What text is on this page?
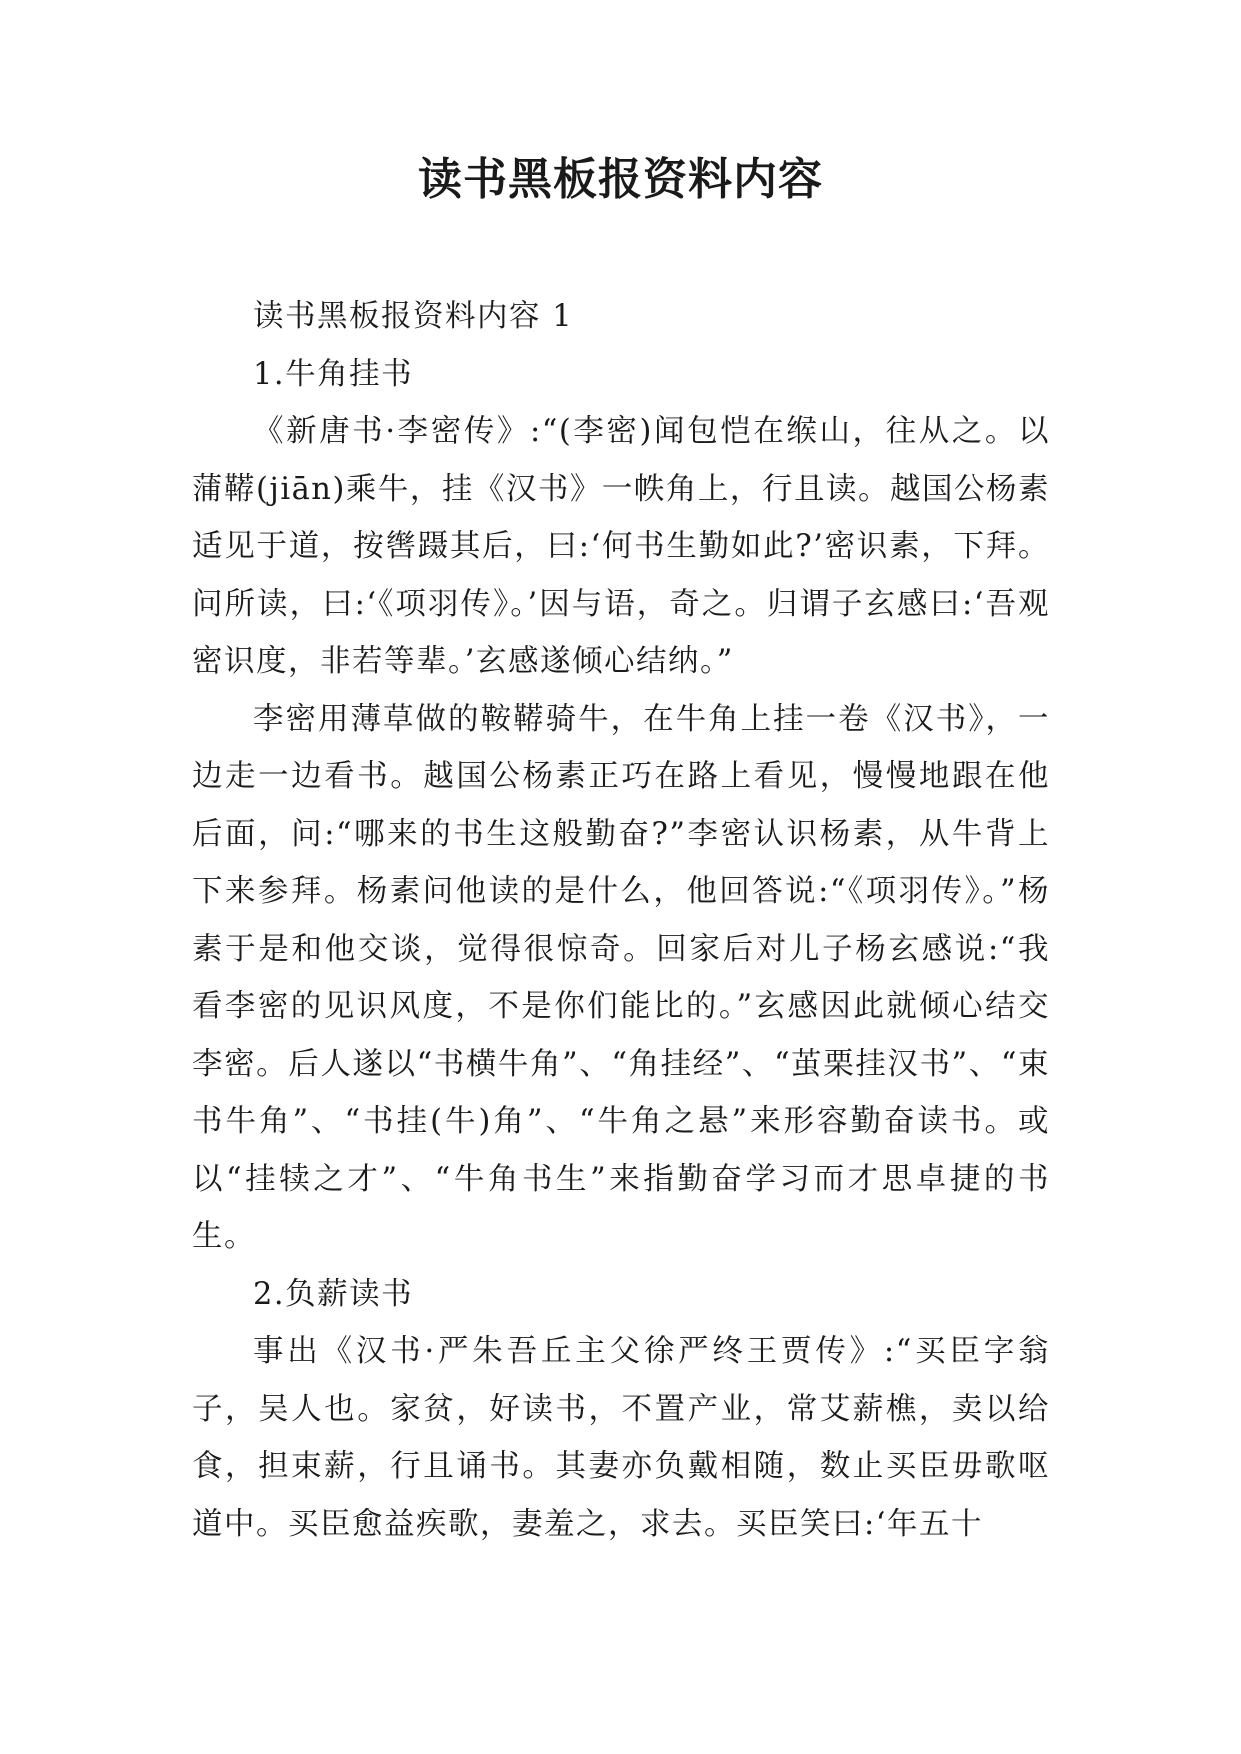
读书黑板报资料内容

读书黑板报资料内容 1

1.牛角挂书

《新唐书·李密传》:“(李密)闻包恺在缑山，往从之。以蒲鞯(jiān)乘牛，挂《汉书》一帙角上，行且读。越国公杨素适见于道，按辔蹑其后，曰:‘何书生勤如此?’密识素，下拜。问所读，曰:‘《项羽传》。’因与语，奇之。归谓子玄感曰:‘吾观密识度，非若等辈。’玄感遂倾心结纳。”

李密用薄草做的鞍鞯骑牛，在牛角上挂一卷《汉书》，一边走一边看书。越国公杨素正巧在路上看见，慢慢地跟在他后面，问:“哪来的书生这般勤奋?”李密认识杨素，从牛背上下来参拜。杨素问他读的是什么，他回答说:“《项羽传》。”杨素于是和他交谈，觉得很惊奇。回家后对儿子杨玄感说:“我看李密的见识风度，不是你们能比的。”玄感因此就倾心结交李密。后人遂以“书横牛角”、“角挂经”、“茧栗挂汉书”、“束书牛角”、“书挂(牛)角”、“牛角之悬”来形容勤奋读书。或以“挂犊之才”、“牛角书生”来指勤奋学习而才思卓捷的书生。

2.负薪读书

事出《汉书·严朱吾丘主父徐严终王贾传》:“买臣字翁子，吴人也。家贫，好读书，不置产业，常艾薪樵，卖以给食，担束薪，行且诵书。其妻亦负戴相随，数止买臣毋歌呕道中。买臣愈益疾歌，妻羞之，求去。买臣笑曰:‘年五十
